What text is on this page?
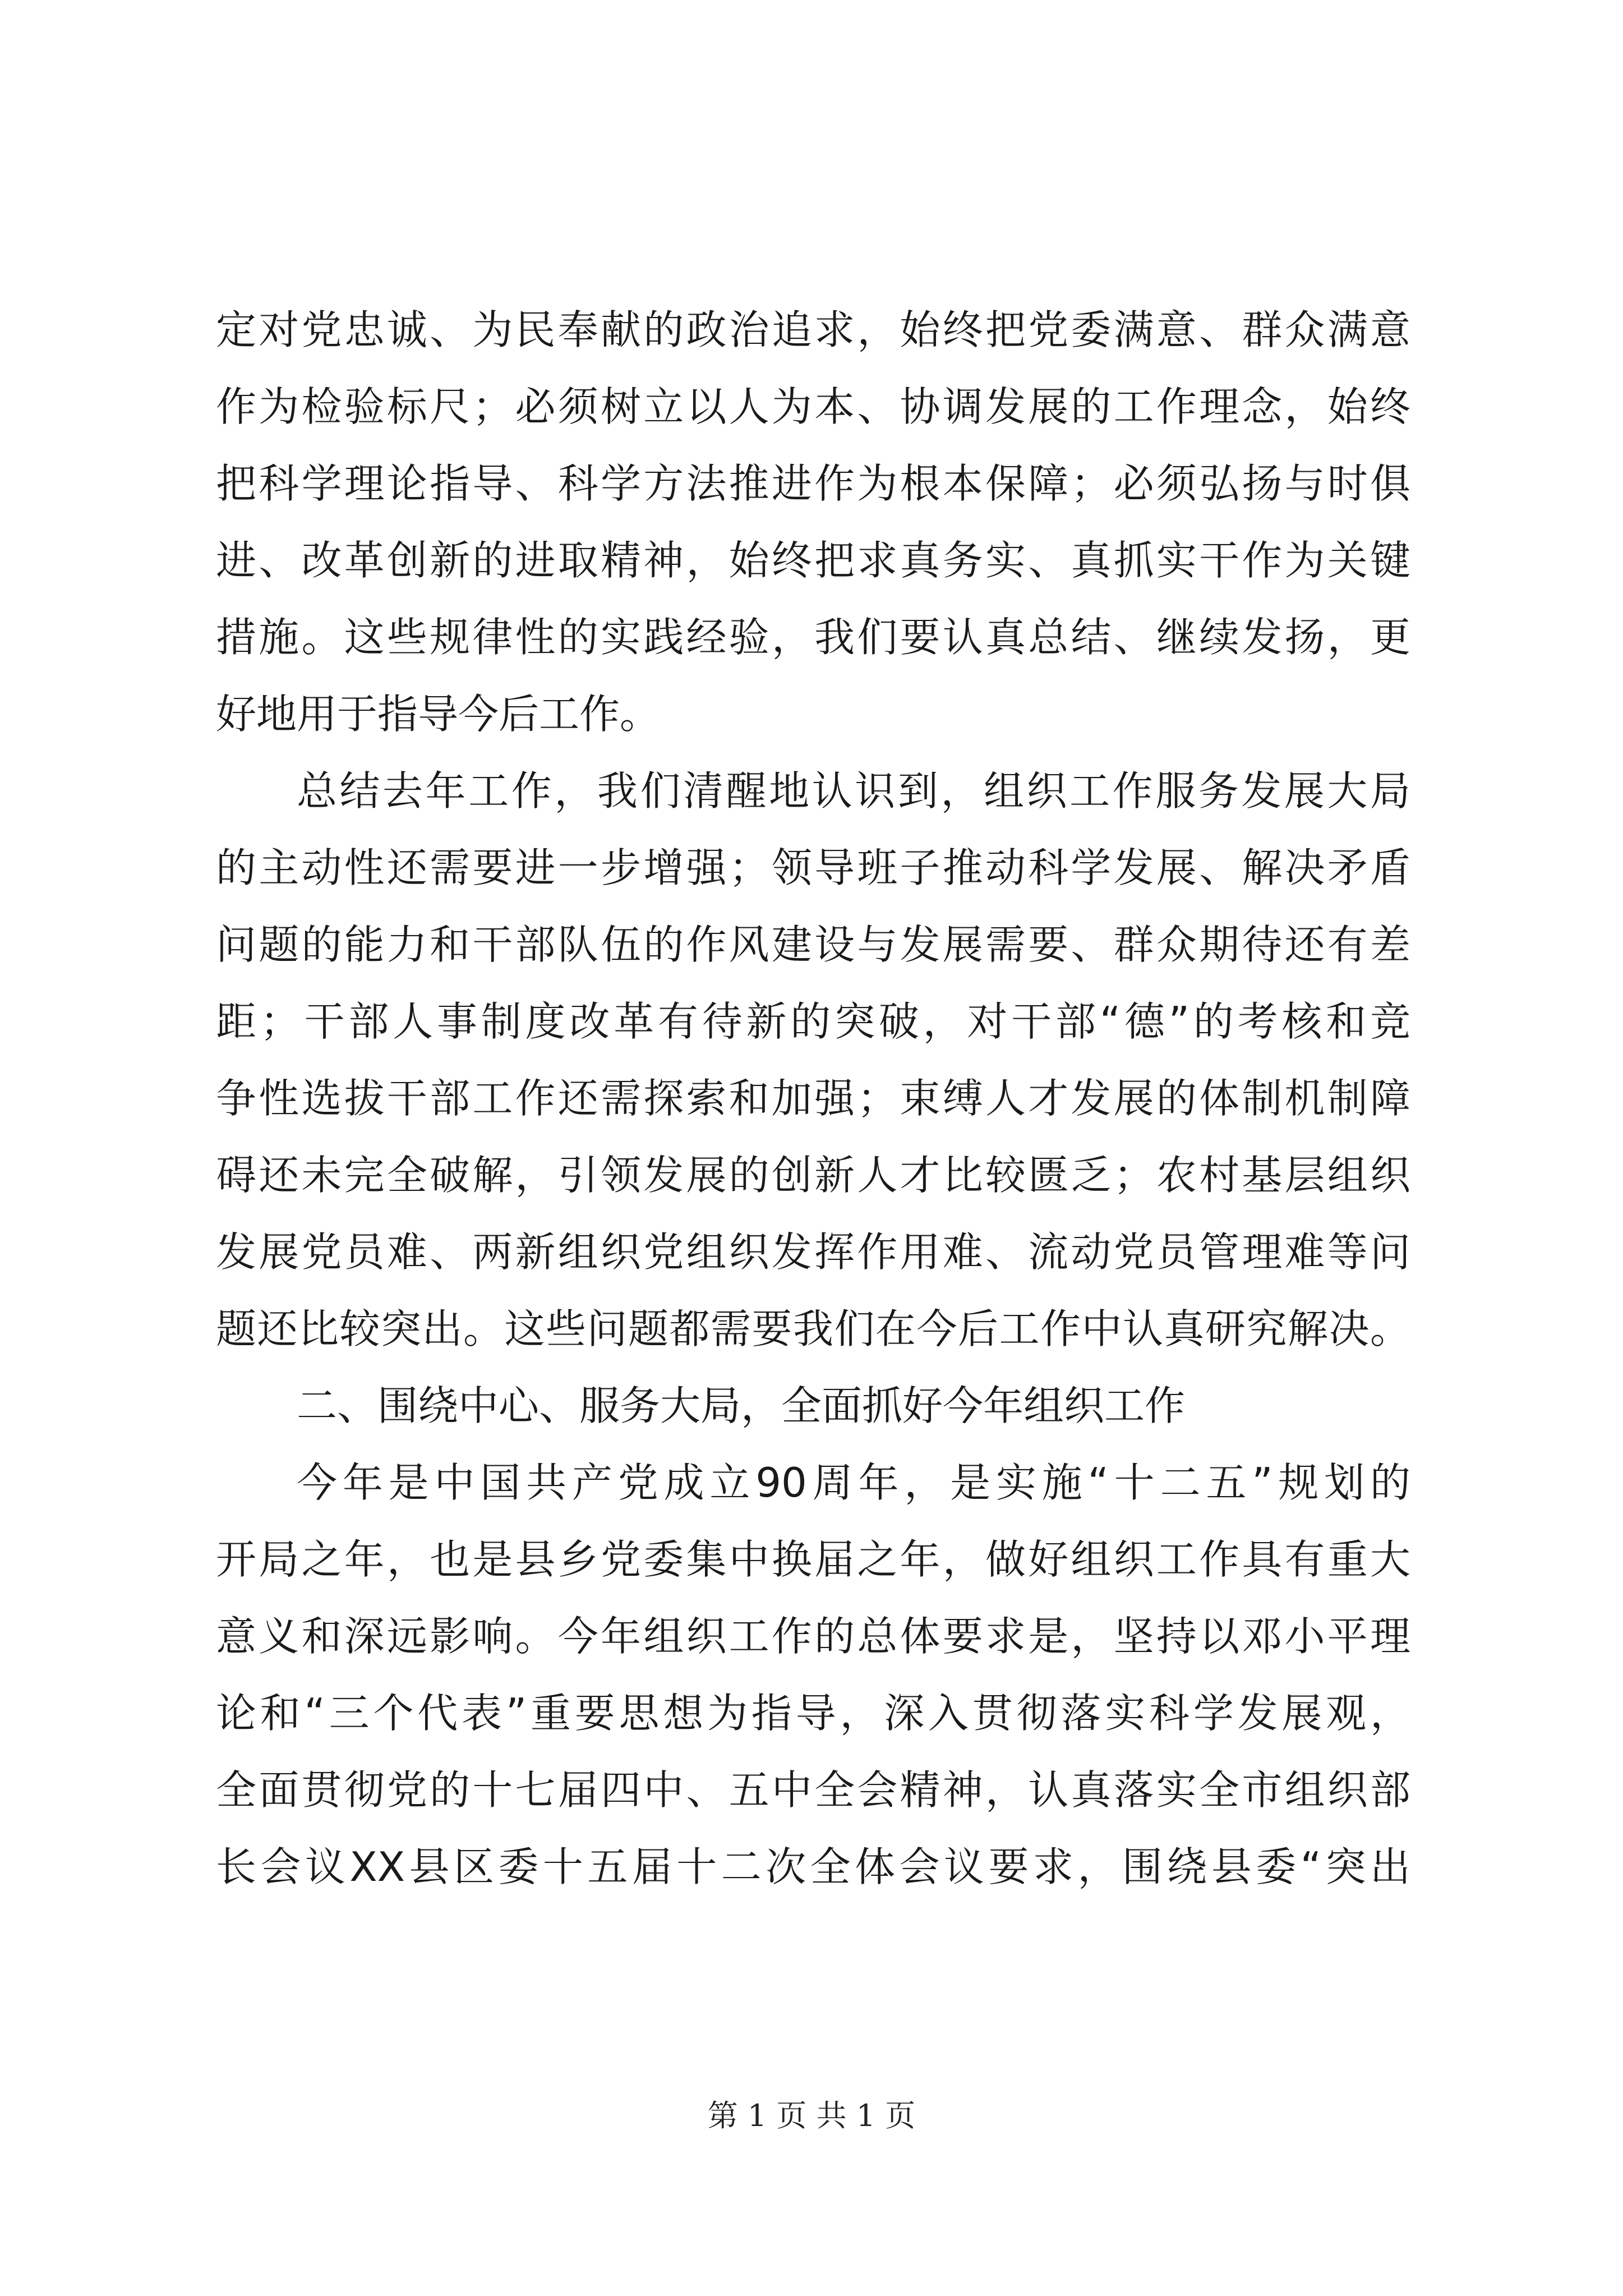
定对党忠诚、为民奉献的政治追求，始终把党委满意、群众满意
作为检验标尺；必须树立以人为本、协调发展的工作理念，始终
把科学理论指导、科学方法推进作为根本保障；必须弘扬与时俱
进、改革创新的进取精神，始终把求真务实、真抓实干作为关键
措施。这些规律性的实践经验，我们要认真总结、继续发扬，更
好地用于指导今后工作。
总结去年工作，我们清醒地认识到，组织工作服务发展大局
的主动性还需要进一步增强；领导班子推动科学发展、解决矛盾
问题的能力和干部队伍的作风建设与发展需要、群众期待还有差
距；干部人事制度改革有待新的突破，对干部“德”的考核和竞
争性选拔干部工作还需探索和加强；束缚人才发展的体制机制障
碍还未完全破解，引领发展的创新人才比较匮乏；农村基层组织
发展党员难、两新组织党组织发挥作用难、流动党员管理难等问
题还比较突出。这些问题都需要我们在今后工作中认真研究解决。
二、围绕中心、服务大局，全面抓好今年组织工作
今年是中国共产党成立90周年，是实施“十二五”规划的
开局之年，也是县乡党委集中换届之年，做好组织工作具有重大
意义和深远影响。今年组织工作的总体要求是，坚持以邓小平理
论和“三个代表”重要思想为指导，深入贯彻落实科学发展观，
全面贯彻党的十七届四中、五中全会精神，认真落实全市组织部
长会议XX县区委十五届十二次全体会议要求，围绕县委“突出
第 1 页 共 1 页
